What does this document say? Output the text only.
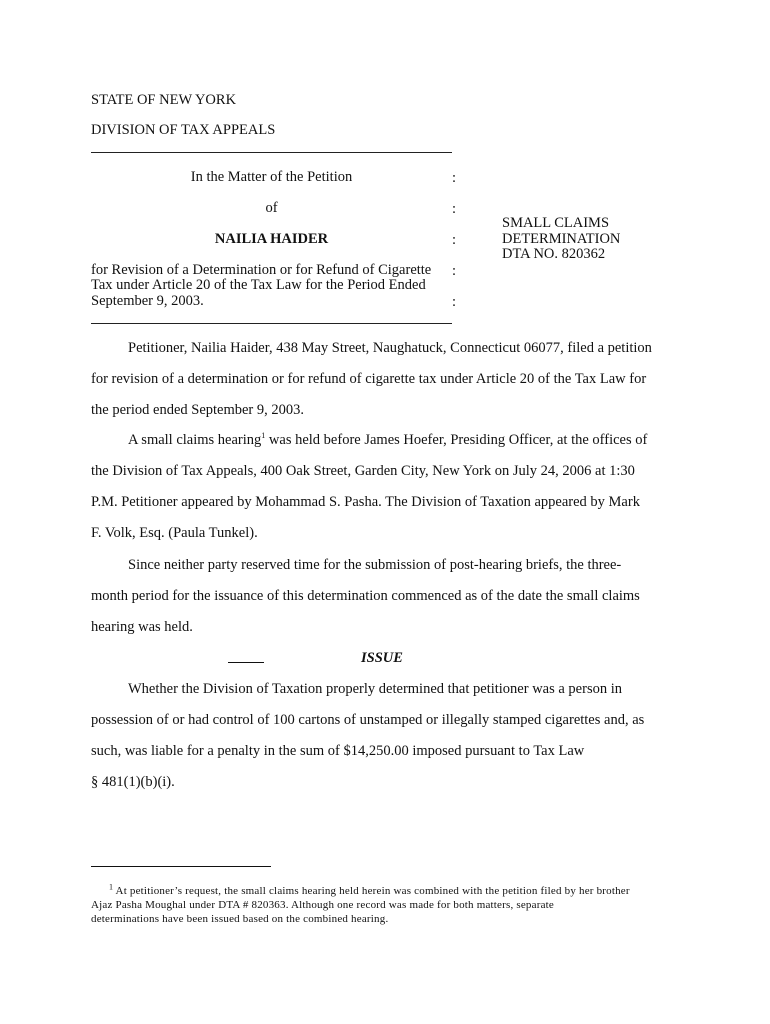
STATE OF NEW YORK
DIVISION OF TAX APPEALS
In the Matter of the Petition	:
of	:
NAILIA HAIDER	:
for Revision of a Determination or for Refund of Cigarette
Tax under Article 20 of the Tax Law for the Period Ended
September 9, 2003.
:
:
SMALL CLAIMS
DETERMINATION
DTA NO. 820362
Petitioner, Nailia Haider, 438 May Street, Naughatuck, Connecticut 06077, filed a petition
for revision of a determination or for refund of cigarette tax under Article 20 of the Tax Law for
the period ended September 9, 2003.
A small claims hearing$^1$ was held before James Hoefer, Presiding Officer, at the offices of
the Division of Tax Appeals, 400 Oak Street, Garden City, New York on July 24, 2006 at 1:30
P.M. Petitioner appeared by Mohammad S. Pasha. The Division of Taxation appeared by Mark
F. Volk, Esq. (Paula Tunkel).
Since neither party reserved time for the submission of post-hearing briefs, the three-
month period for the issuance of this determination commenced as of the date the small claims
hearing was held.
ISSUE
Whether the Division of Taxation properly determined that petitioner was a person in
possession of or had control of 100 cartons of unstamped or illegally stamped cigarettes and, as
such, was liable for a penalty in the sum of $14,250.00 imposed pursuant to Tax Law
§ 481(1)(b)(i).
$^1$ At petitioner’s request, the small claims hearing held herein was combined with the petition filed by her brother
Ajaz Pasha Moughal under DTA # 820363. Although one record was made for both matters, separate
determinations have been issued based on the combined hearing.
